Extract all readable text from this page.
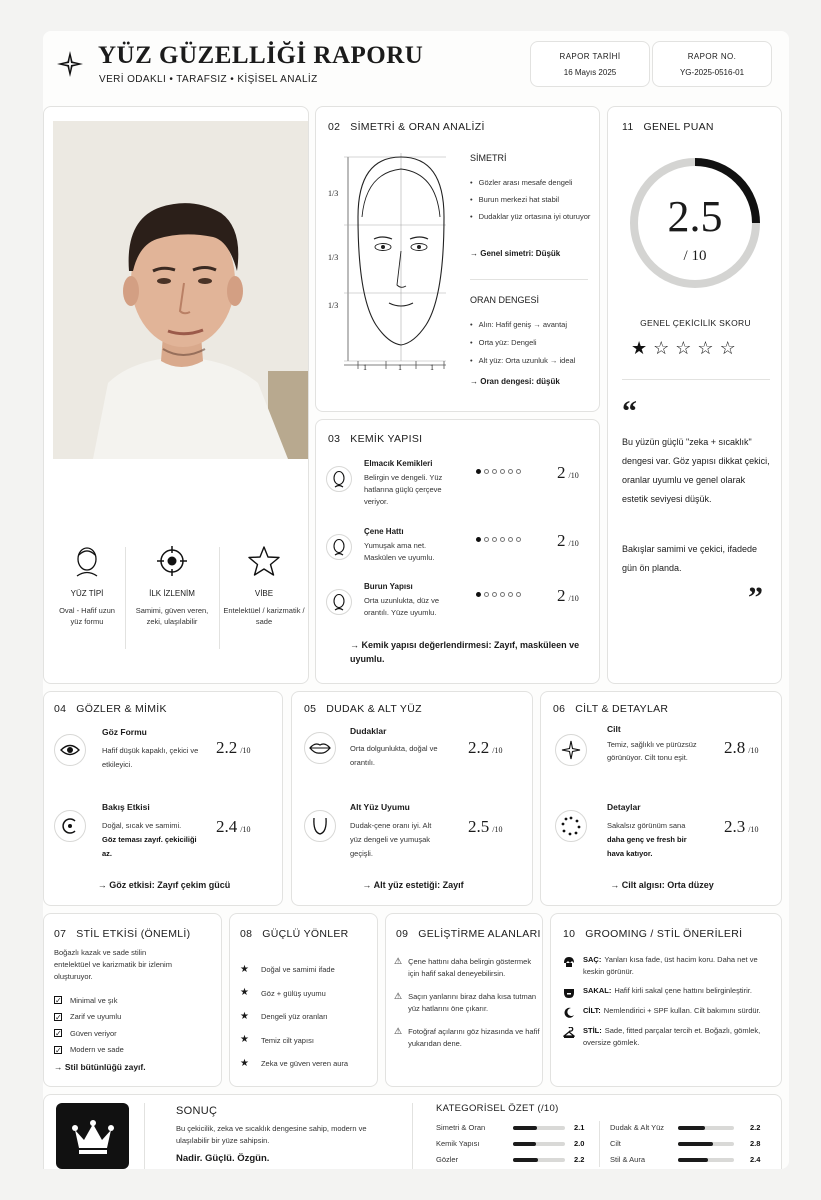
YÜZ GÜZELLİĞİ RAPORU
VERİ ODAKLI • TARAFSIZ • KİŞİSEL ANALİZ
RAPOR TARİHİ
16 Mayıs 2025
RAPOR NO.
YG-2025-0516-01
YÜZ TİPİ
Oval - Hafif uzun yüz formu
İLK İZLENİM
Samimi, güven veren, zeki, ulaşılabilir
VİBE
Entelektüel / karizmatik / sade
02 SİMETRİ & ORAN ANALİZİ
1/3
1/3
1/3
1	1	1
SİMETRİ
• Gözler arası mesafe dengeli
• Burun merkezi hat stabil
• Dudaklar yüz ortasına iyi oturuyor
→ Genel simetri: Düşük
ORAN DENGESİ
• Alın: Hafif geniş → avantaj
• Orta yüz: Dengeli
• Alt yüz: Orta uzunluk → ideal
→ Oran dengesi: düşük
03 KEMİK YAPISI
Elmacık Kemikleri
Belirgin ve dengeli. Yüz hatlarına güçlü çerçeve veriyor.
2 /10
Çene Hattı
Yumuşak ama net. Maskülen ve uyumlu.
2 /10
Burun Yapısı
Orta uzunlukta, düz ve orantılı. Yüze uyumlu.
2 /10
→ Kemik yapısı değerlendirmesi: Zayıf, masküleen ve uyumlu.
11 GENEL PUAN
2.5
/ 10
GENEL ÇEKİCİLİK SKORU
★ ☆ ☆ ☆ ☆
“
Bu yüzün güçlü "zeka + sıcaklık" dengesi var. Göz yapısı dikkat çekici, oranlar uyumlu ve genel olarak estetik seviyesi düşük.
Bakışlar samimi ve çekici, ifadede gün ön planda.
”
04 GÖZLER & MİMİK
Göz Formu
Hafif düşük kapaklı, çekici ve etkileyici.
2.2 /10
Bakış Etkisi
Doğal, sıcak ve samimi.
Göz teması zayıf. çekiciliği az.
2.4 /10
→ Göz etkisi: Zayıf çekim gücü
05 DUDAK & ALT YÜZ
Dudaklar
Orta dolgunlukta, doğal ve orantılı.
2.2 /10
Alt Yüz Uyumu
Dudak-çene oranı iyi. Alt yüz dengeli ve yumuşak geçişli.
2.5 /10
→ Alt yüz estetiği: Zayıf
06 CİLT & DETAYLAR
Cilt
Temiz, sağlıklı ve pürüzsüz görünüyor. Cilt tonu eşit.
2.8 /10
Detaylar
Sakalsız görünüm sana
daha genç ve fresh bir hava katıyor.
2.3 /10
→ Cilt algısı: Orta düzey
07 STİL ETKİSİ (ÖNEMLİ)
Boğazlı kazak ve sade stilin entelektüel ve karizmatik bir izlenim oluşturuyor.
✓ Minimal ve şık
✓ Zarif ve uyumlu
✓ Güven veriyor
✓ Modern ve sade
→ Stil bütünlüğü zayıf.
08 GÜÇLÜ YÖNLER
★ Doğal ve samimi ifade
★ Göz + gülüş uyumu
★ Dengeli yüz oranları
★ Temiz cilt yapısı
★ Zeka ve güven veren aura
09 GELİŞTİRME ALANLARI
⚠ Çene hattını daha belirgin göstermek için hafif sakal deneyebilirsin.
⚠ Saçın yanlarını biraz daha kısa tutman yüz hatlarını öne çıkarır.
⚠ Fotoğraf açılarını göz hizasında ve hafif yukarıdan dene.
10 GROOMING / STİL ÖNERİLERİ
SAÇ: Yanları kısa fade, üst hacim koru. Daha net ve keskin görünür.
SAKAL: Hafif kirli sakal çene hattını belirginleştirir.
CİLT: Nemlendirici + SPF kullan. Cilt bakımını sürdür.
STİL: Sade, fitted parçalar tercih et. Boğazlı, gömlek, oversize gömlek.
SONUÇ
Bu çekicilik, zeka ve sıcaklık dengesine sahip, modern ve ulaşılabilir bir yüze sahipsin.
Nadir. Güçlü. Özgün.
KATEGORİSEL ÖZET (/10)
Simetri & Oran	2.1
Kemik Yapısı	2.0
Gözler	2.2
Dudak & Alt Yüz	2.2
Cilt	2.8
Stil & Aura	2.4
